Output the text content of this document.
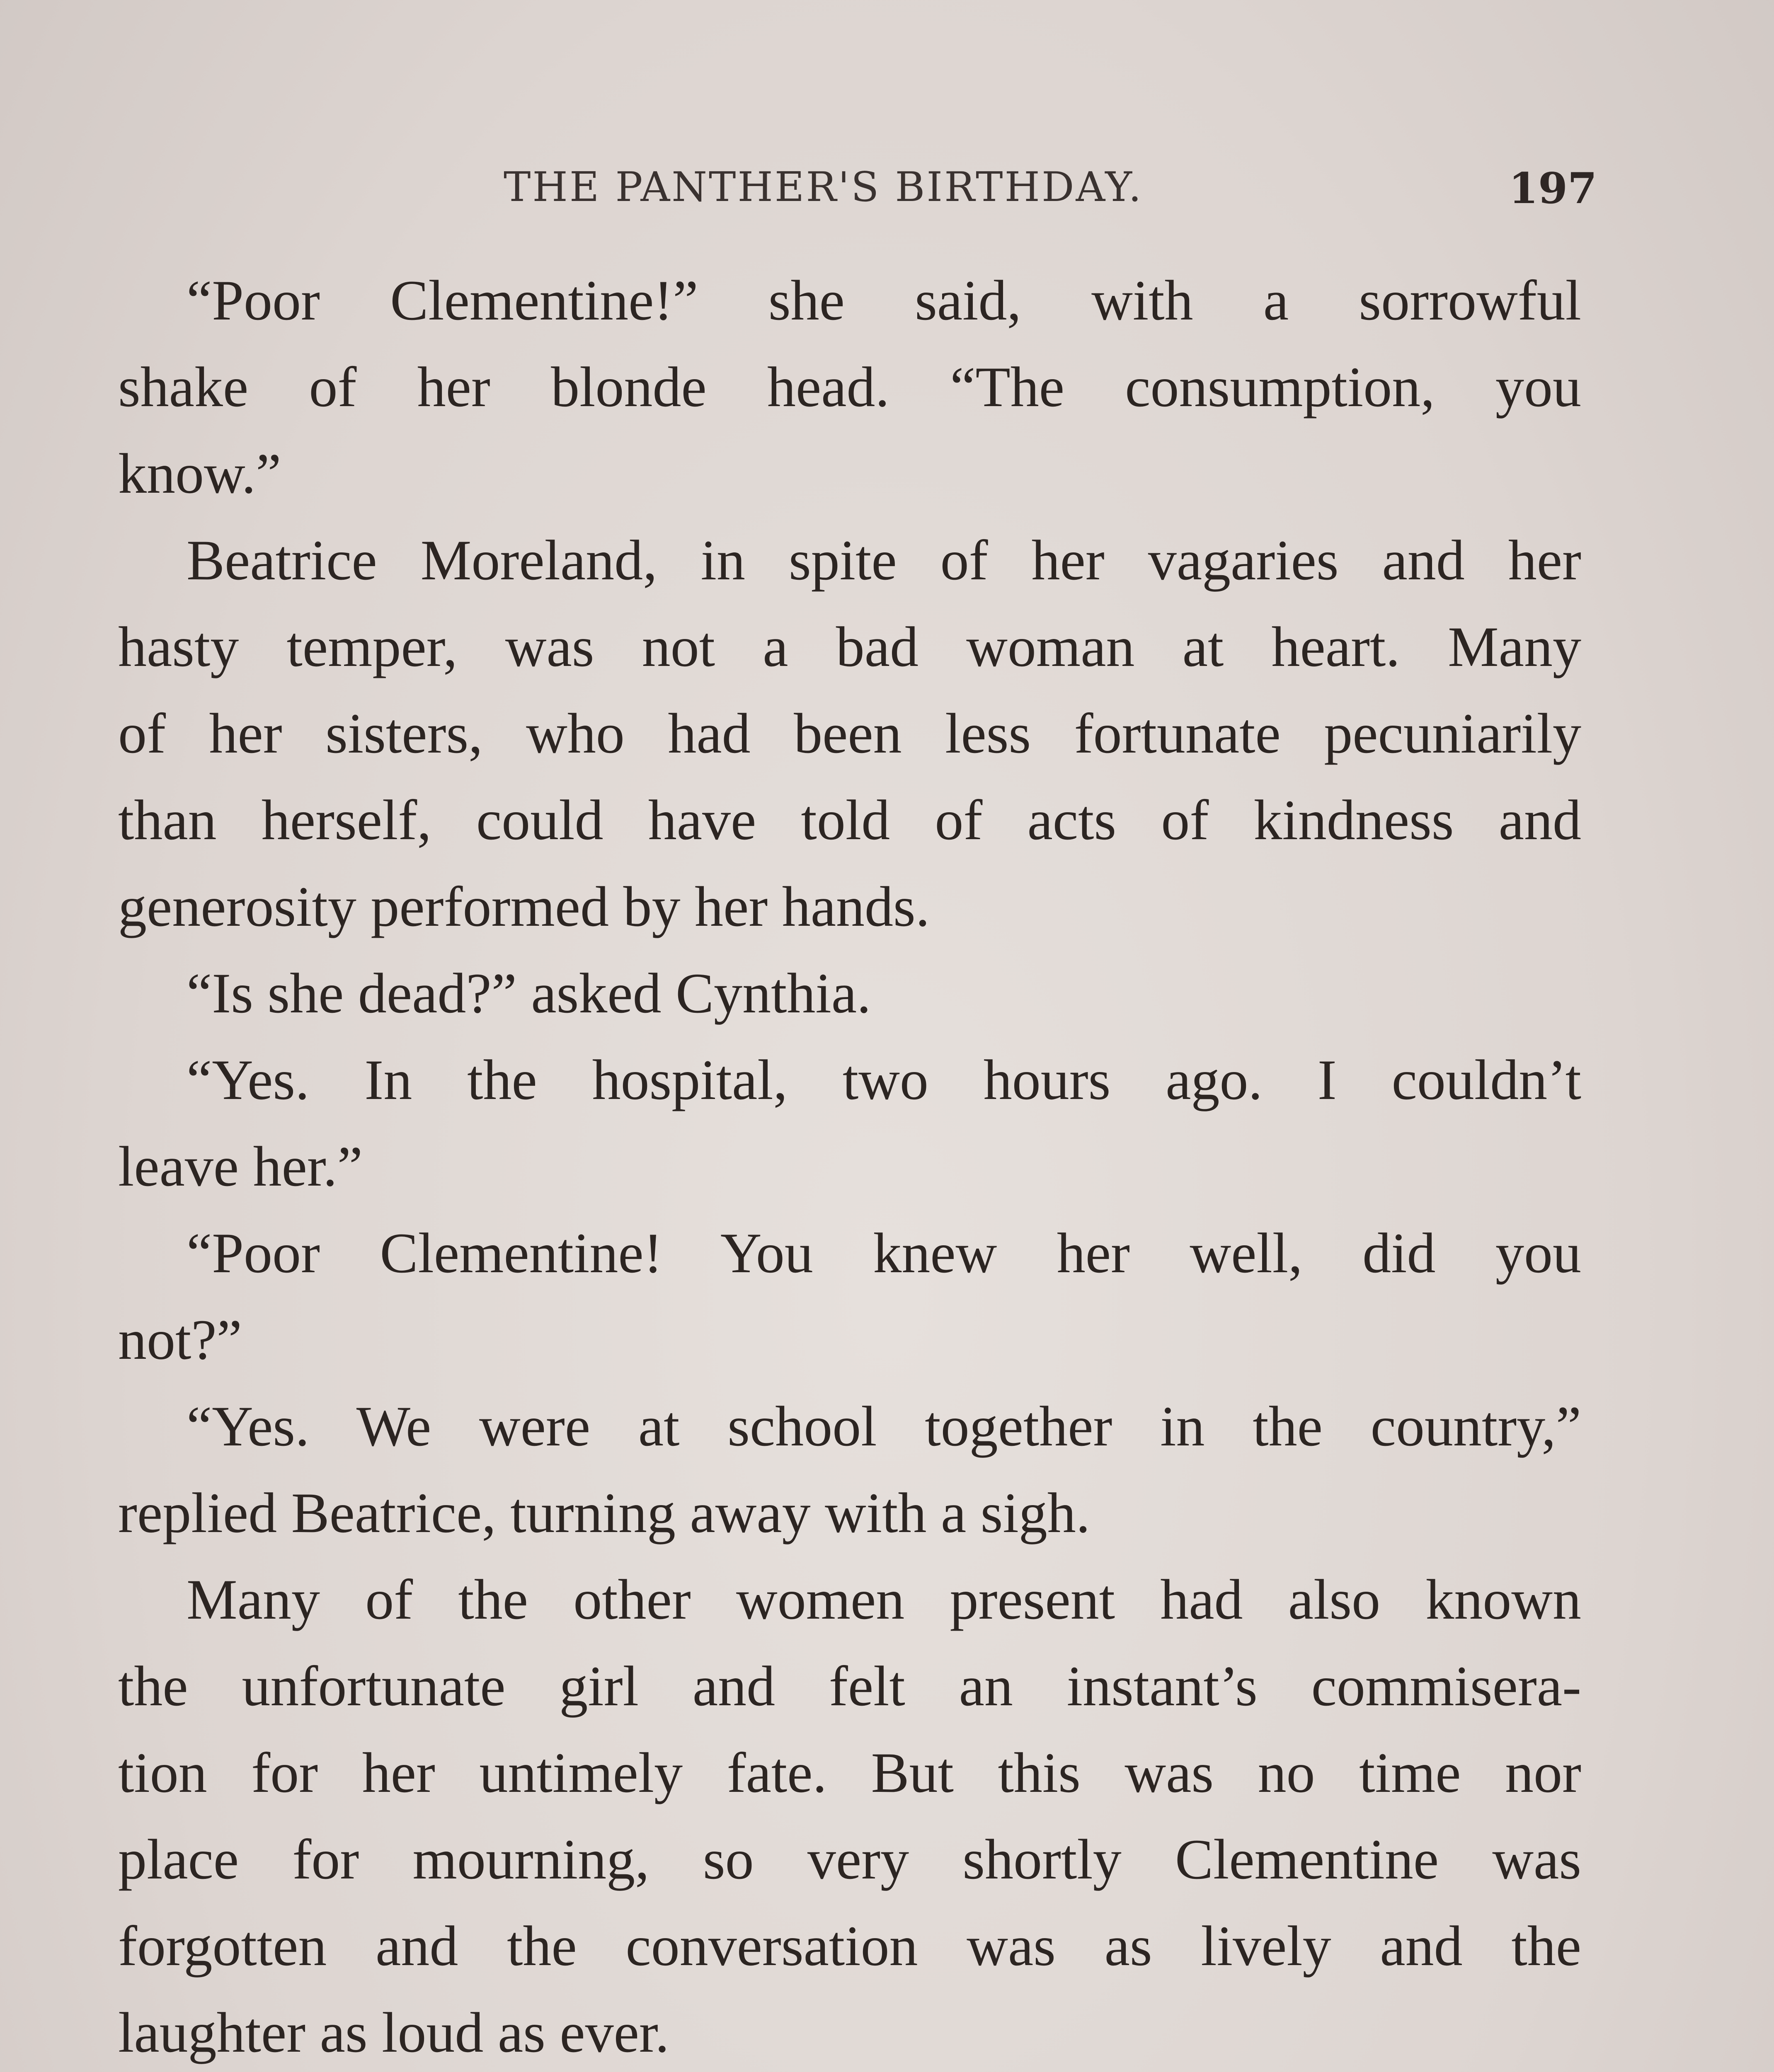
THE PANTHER'S BIRTHDAY.	197
“Poor Clementine!” she said, with a sorrowful
shake of her blonde head. “The consumption, you
know.”
Beatrice Moreland, in spite of her vagaries and her
hasty temper, was not a bad woman at heart. Many
of her sisters, who had been less fortunate pecuniarily
than herself, could have told of acts of kindness and
generosity performed by her hands.
“Is she dead?” asked Cynthia.
“Yes. In the hospital, two hours ago. I couldn’t
leave her.”
“Poor Clementine! You knew her well, did you
not?”
“Yes. We were at school together in the country,”
replied Beatrice, turning away with a sigh.
Many of the other women present had also known
the unfortunate girl and felt an instant’s commisera-
tion for her untimely fate. But this was no time nor
place for mourning, so very shortly Clementine was
forgotten and the conversation was as lively and the
laughter as loud as ever.
